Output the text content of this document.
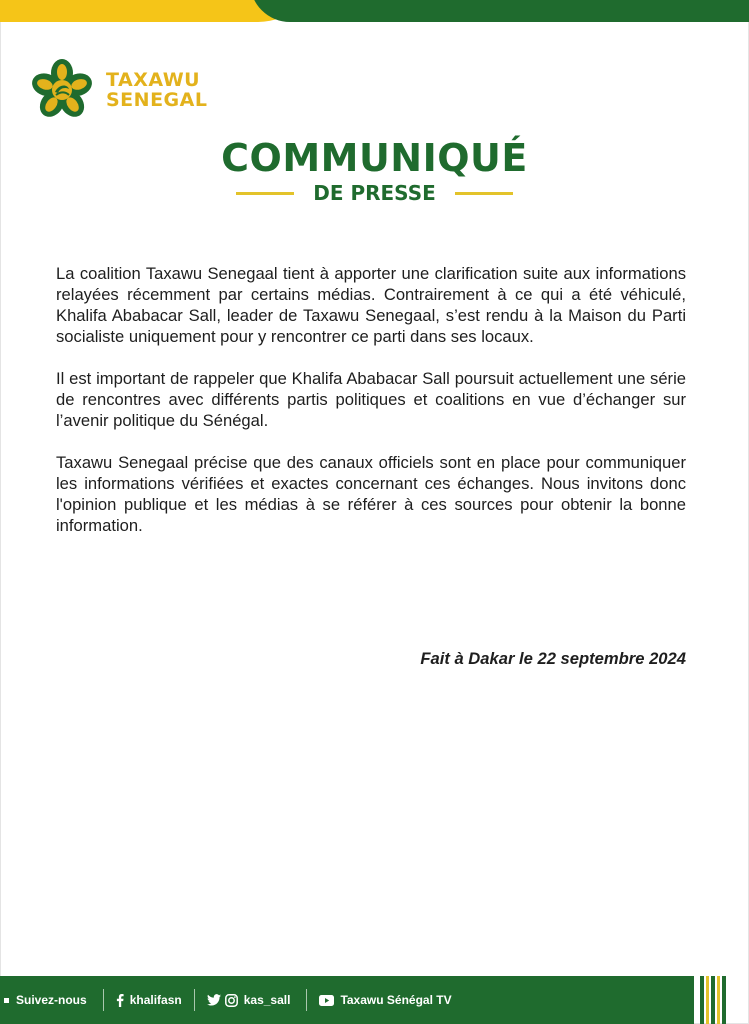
TAXAWU
SENEGAL
COMMUNIQUÉ
DE PRESSE

La coalition Taxawu Senegaal tient à apporter une clarification suite aux informations relayées récemment par certains médias. Contrairement à ce qui a été véhiculé, Khalifa Ababacar Sall, leader de Taxawu Senegaal, s’est rendu à la Maison du Parti socialiste uniquement pour y rencontrer ce parti dans ses locaux.

Il est important de rappeler que Khalifa Ababacar Sall poursuit actuellement une série de rencontres avec différents partis politiques et coalitions en vue d’échanger sur l’avenir politique du Sénégal.

Taxawu Senegaal précise que des canaux officiels sont en place pour communiquer les informations vérifiées et exactes concernant ces échanges. Nous invitons donc l'opinion publique et les médias à se référer à ces sources pour obtenir la bonne information.

Fait à Dakar le 22 septembre 2024
Suivez-nous	khalifasn	kas_sall	Taxawu Sénégal TV
